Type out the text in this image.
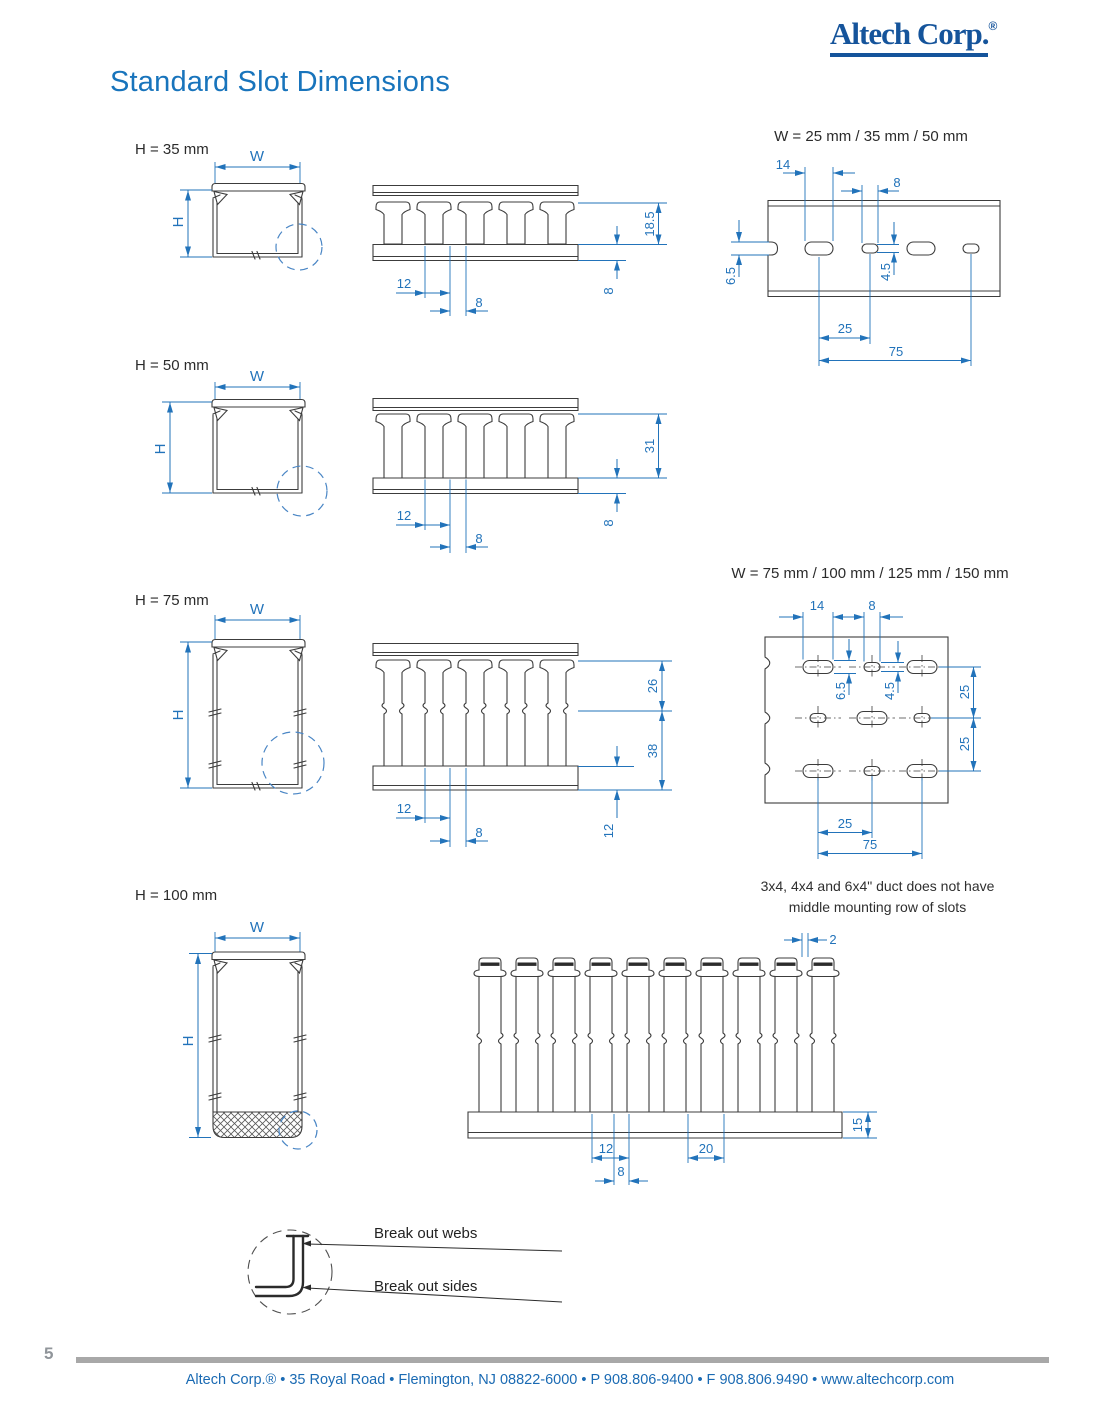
Altech Corp.®
Standard Slot Dimensions
H = 35 mm
H = 50 mm
H = 75 mm
H = 100 mm
W
H	18.5
8
12
8
W = 25 mm / 35 mm / 50 mm
14
8
6.5	4.5
25
75
W
H	31
8
12
8
W = 75 mm / 100 mm / 125 mm / 150 mm
14	8
6.5	4.5	25
25
25
75
3x4, 4x4 and 6x4" duct does not have
middle mounting row of slots
W
H
26
38
12
12
8
W
H
2
15
12
8
20
Break out webs
Break out sides
5
Altech Corp.® • 35 Royal Road • Flemington, NJ 08822-6000 • P 908.806-9400 • F 908.806.9490 • www.altechcorp.com
